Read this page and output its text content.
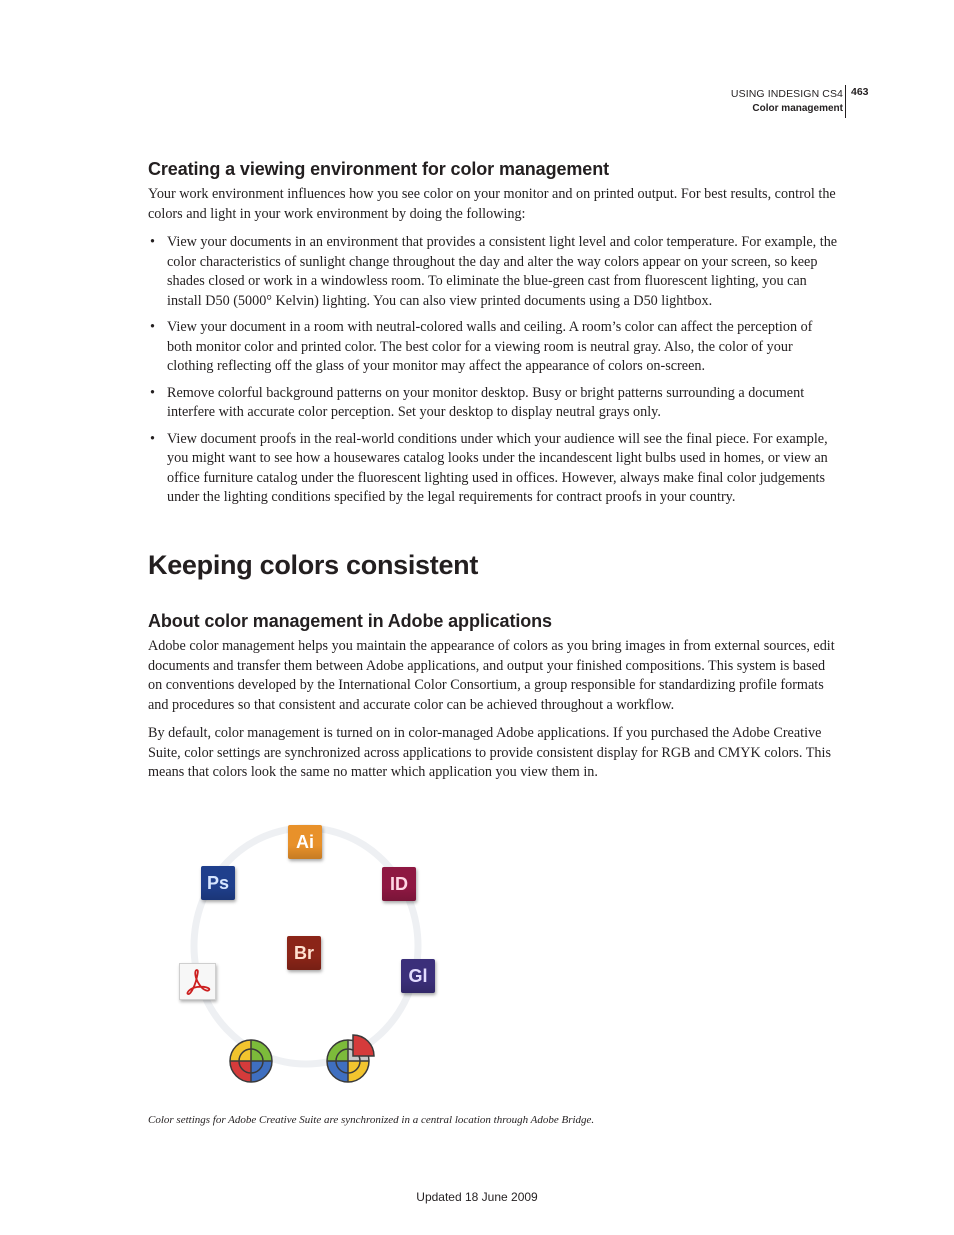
USING INDESIGN CS4
Color management
463
Creating a viewing environment for color management

Your work environment influences how you see color on your monitor and on printed output. For best results, control the colors and light in your work environment by doing the following:

• View your documents in an environment that provides a consistent light level and color temperature. For example, the color characteristics of sunlight change throughout the day and alter the way colors appear on your screen, so keep shades closed or work in a windowless room. To eliminate the blue-green cast from fluorescent lighting, you can install D50 (5000° Kelvin) lighting. You can also view printed documents using a D50 lightbox.
• View your document in a room with neutral-colored walls and ceiling. A room’s color can affect the perception of both monitor color and printed color. The best color for a viewing room is neutral gray. Also, the color of your clothing reflecting off the glass of your monitor may affect the appearance of colors on-screen.
• Remove colorful background patterns on your monitor desktop. Busy or bright patterns surrounding a document interfere with accurate color perception. Set your desktop to display neutral grays only.
• View document proofs in the real-world conditions under which your audience will see the final piece. For example, you might want to see how a housewares catalog looks under the incandescent light bulbs used in homes, or view an office furniture catalog under the fluorescent lighting used in offices. However, always make final color judgements under the lighting conditions specified by the legal requirements for contract proofs in your country.
Keeping colors consistent
About color management in Adobe applications

Adobe color management helps you maintain the appearance of colors as you bring images in from external sources, edit documents and transfer them between Adobe applications, and output your finished compositions. This system is based on conventions developed by the International Color Consortium, a group responsible for standardizing profile formats and procedures so that consistent and accurate color can be achieved throughout a workflow.

By default, color management is turned on in color-managed Adobe applications. If you purchased the Adobe Creative Suite, color settings are synchronized across applications to provide consistent display for RGB and CMYK colors. This means that colors look the same no matter which application you view them in.

Ai
Ps	ID
Br
Gl
Color settings for Adobe Creative Suite are synchronized in a central location through Adobe Bridge.
Updated 18 June 2009
